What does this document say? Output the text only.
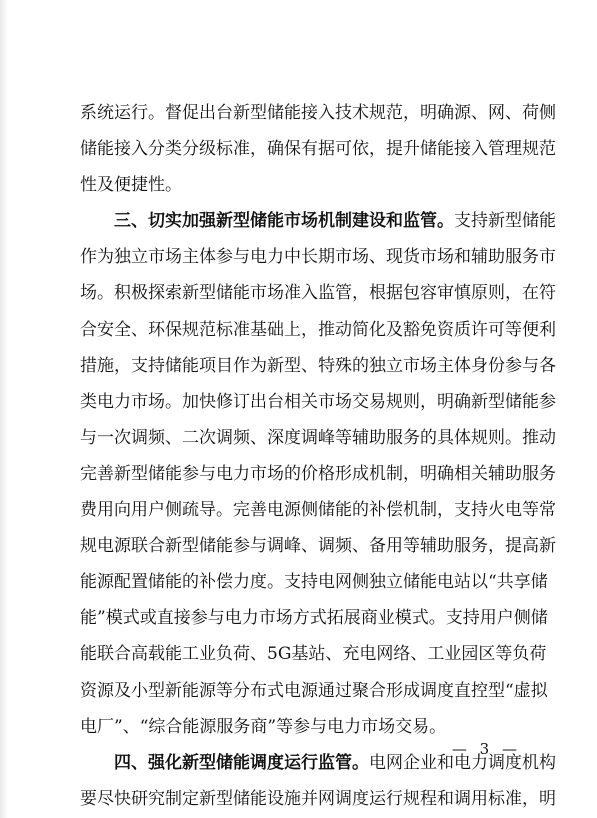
系统运行。督促出台新型储能接入技术规范，明确源、网、荷侧
储能接入分类分级标准，确保有据可依，提升储能接入管理规范
性及便捷性。
三、切实加强新型储能市场机制建设和监管。 支持新型储能
作为独立市场主体参与电力中长期市场、现货市场和辅助服务市
场。积极探索新型储能市场准入监管，根据包容审慎原则，在符
合安全、环保规范标准基础上，推动简化及豁免资质许可等便利
措施，支持储能项目作为新型、特殊的独立市场主体身份参与各
类电力市场。加快修订出台相关市场交易规则，明确新型储能参
与一次调频、二次调频、深度调峰等辅助服务的具体规则。推动
完善新型储能参与电力市场的价格形成机制，明确相关辅助服务
费用向用户侧疏导。完善电源侧储能的补偿机制，支持火电等常
规电源联合新型储能参与调峰、调频、备用等辅助服务，提高新
能源配置储能的补偿力度。支持电网侧独立储能电站以“共享储
能”模式或直接参与电力市场方式拓展商业模式。支持用户侧储
能联合高载能工业负荷、5G基站、充电网络、工业园区等负荷
资源及小型新能源等分布式电源通过聚合形成调度直控型“虚拟
电厂”、“综合能源服务商”等参与电力市场交易。
四、强化新型储能调度运行监管。 电网企业和电力调度机构
要尽快研究制定新型储能设施并网调度运行规程和调用标准，明
— 3 —
